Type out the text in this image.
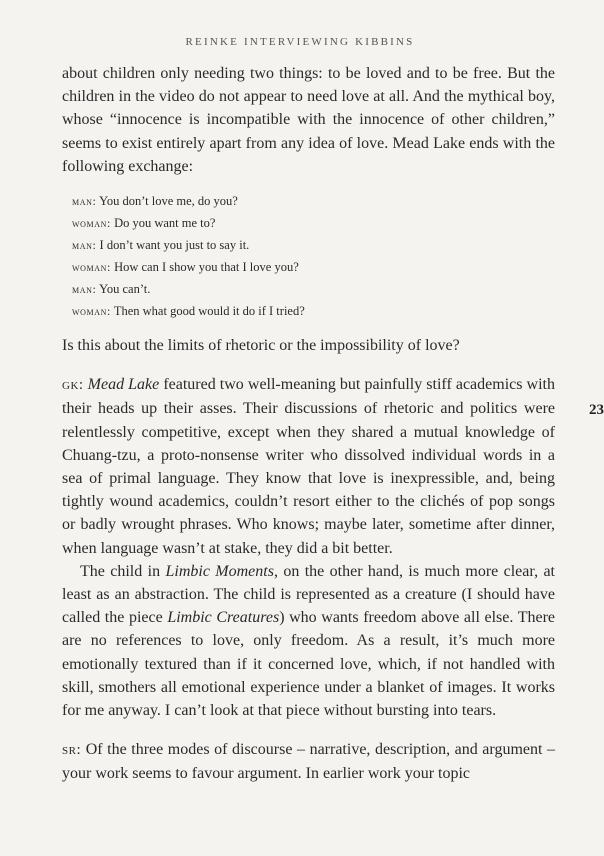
REINKE INTERVIEWING KIBBINS
23

about children only needing two things: to be loved and to be free. But the children in the video do not appear to need love at all. And the mythical boy, whose “innocence is incompatible with the innocence of other children,” seems to exist entirely apart from any idea of love. Mead Lake ends with the following exchange:

man: You don’t love me, do you?
woman: Do you want me to?
man: I don’t want you just to say it.
woman: How can I show you that I love you?
man: You can’t.
woman: Then what good would it do if I tried?

Is this about the limits of rhetoric or the impossibility of love?

gk: Mead Lake featured two well-meaning but painfully stiff academics with their heads up their asses. Their discussions of rhetoric and politics were relentlessly competitive, except when they shared a mutual knowledge of Chuang-tzu, a proto-nonsense writer who dissolved individual words in a sea of primal language. They know that love is inexpressible, and, being tightly wound academics, couldn’t resort either to the clichés of pop songs or badly wrought phrases. Who knows; maybe later, sometime after dinner, when language wasn’t at stake, they did a bit better.

The child in Limbic Moments, on the other hand, is much more clear, at least as an abstraction. The child is represented as a creature (I should have called the piece Limbic Creatures) who wants freedom above all else. There are no references to love, only freedom. As a result, it’s much more emotionally textured than if it concerned love, which, if not handled with skill, smothers all emotional experience under a blanket of images. It works for me anyway. I can’t look at that piece without bursting into tears.

sr: Of the three modes of discourse – narrative, description, and argument – your work seems to favour argument. In earlier work your topic
